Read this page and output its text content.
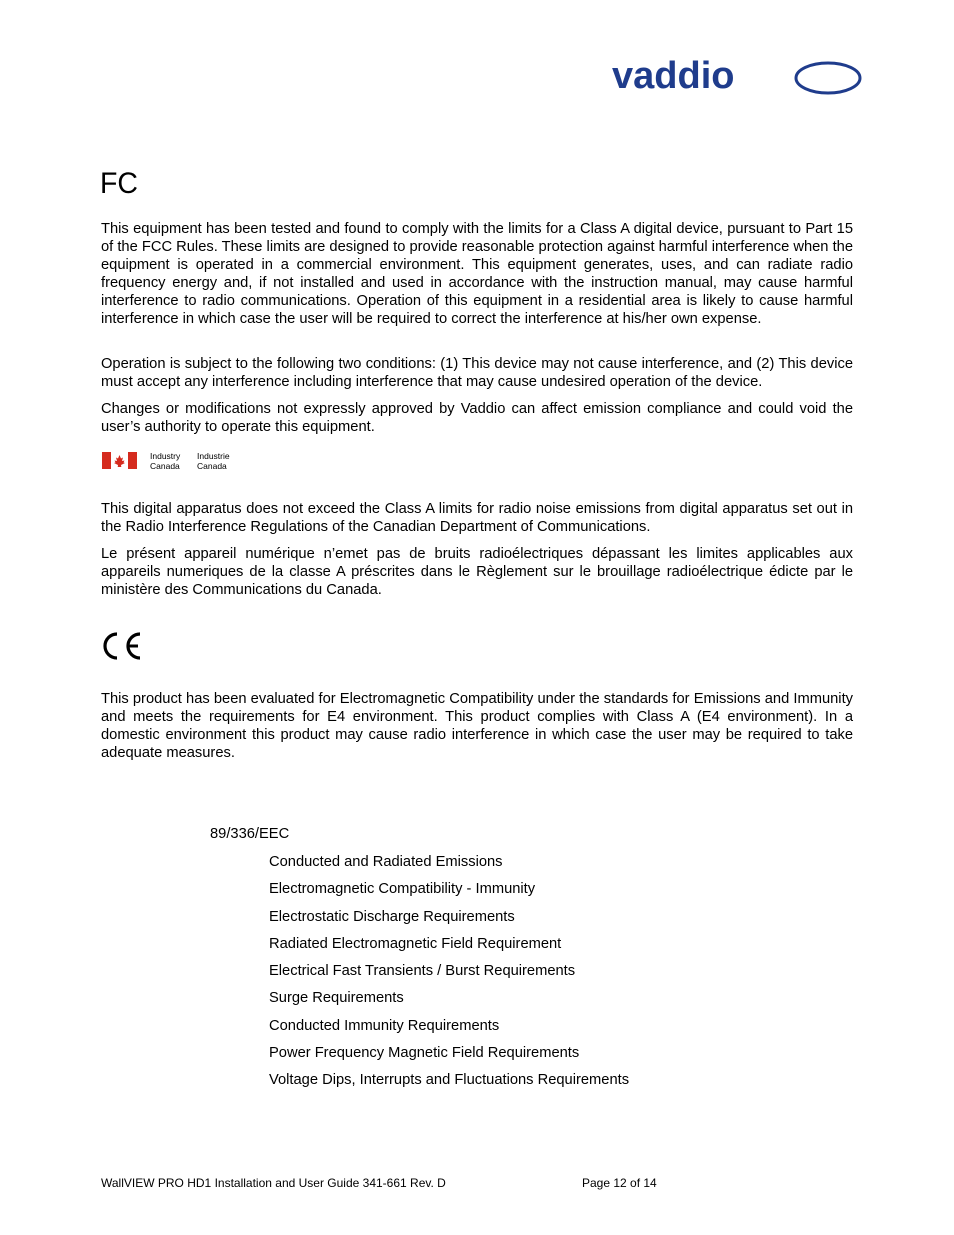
vaddio
FC

This equipment has been tested and found to comply with the limits for a Class A digital device, pursuant to Part 15 of the FCC Rules. These limits are designed to provide reasonable protection against harmful interference when the equipment is operated in a commercial environment. This equipment generates, uses, and can radiate radio frequency energy and, if not installed and used in accordance with the instruction manual, may cause harmful interference to radio communications. Operation of this equipment in a residential area is likely to cause harmful interference in which case the user will be required to correct the interference at his/her own expense.

Operation is subject to the following two conditions: (1) This device may not cause interference, and (2) This device must accept any interference including interference that may cause undesired operation of the device.

Changes or modifications not expressly approved by Vaddio can affect emission compliance and could void the user’s authority to operate this equipment.

Industry
Canada
Industrie
Canada

This digital apparatus does not exceed the Class A limits for radio noise emissions from digital apparatus set out in the Radio Interference Regulations of the Canadian Department of Communications.

Le présent appareil numérique n’emet pas de bruits radioélectriques dépassant les limites applicables aux appareils numeriques de la classe A préscrites dans le Règlement sur le brouillage radioélectrique édicte par le ministère des Communications du Canada.

This product has been evaluated for Electromagnetic Compatibility under the standards for Emissions and Immunity and meets the requirements for E4 environment. This product complies with Class A (E4 environment). In a domestic environment this product may cause radio interference in which case the user may be required to take adequate measures.

89/336/EEC
Conducted and Radiated Emissions
Electromagnetic Compatibility - Immunity
Electrostatic Discharge Requirements
Radiated Electromagnetic Field Requirement
Electrical Fast Transients / Burst Requirements
Surge Requirements
Conducted Immunity Requirements
Power Frequency Magnetic Field Requirements
Voltage Dips, Interrupts and Fluctuations Requirements
WallVIEW PRO HD1 Installation and User Guide 341-661 Rev. D	Page 12 of 14
